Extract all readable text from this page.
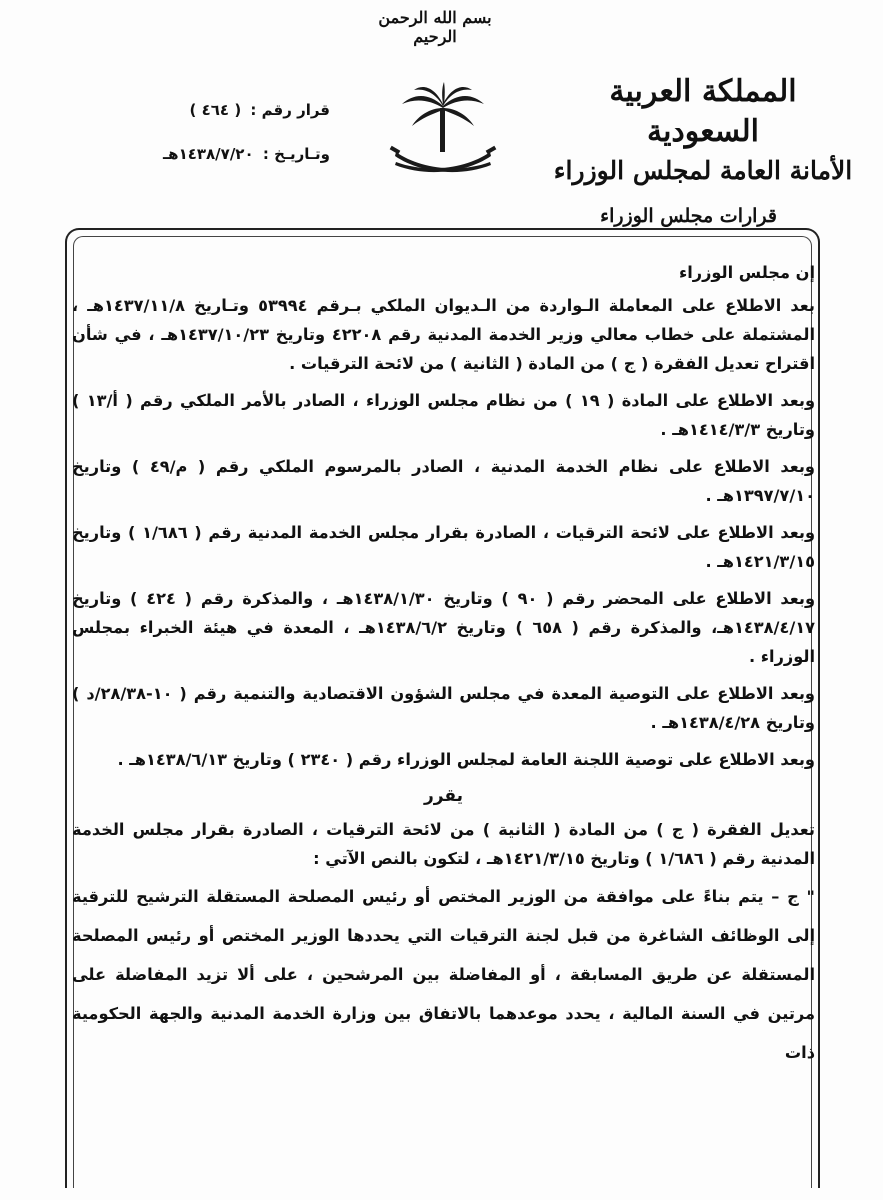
بسم الله الرحمن الرحيم
المملكة العربية السعودية
الأمانة العامة لمجلس الوزراء
قرار رقم : ( ٤٦٤ )
وتـاريـخ : ١٤٣٨/٧/٢٠هـ
قرارات مجلس الوزراء

إن مجلس الوزراء

بعد الاطلاع على المعاملة الـواردة من الـديوان الملكي بـرقم ٥٣٩٩٤ وتـاريخ ١٤٣٧/١١/٨هـ ، المشتملة على خطاب معالي وزير الخدمة المدنية رقم ٤٢٢٠٨ وتاريخ ١٤٣٧/١٠/٢٣هـ ، في شأن اقتراح تعديل الفقرة ( ج ) من المادة ( الثانية ) من لائحة الترقيات .

وبعد الاطلاع على المادة ( ١٩ ) من نظام مجلس الوزراء ، الصادر بالأمر الملكي رقم ( أ/١٣ ) وتاريخ ١٤١٤/٣/٣هـ .

وبعد الاطلاع على نظام الخدمة المدنية ، الصادر بالمرسوم الملكي رقم ( م/٤٩ ) وتاريخ ١٣٩٧/٧/١٠هـ .

وبعد الاطلاع على لائحة الترقيات ، الصادرة بقرار مجلس الخدمة المدنية رقم ( ١/٦٨٦ ) وتاريخ ١٤٢١/٣/١٥هـ .

وبعد الاطلاع على المحضر رقم ( ٩٠ ) وتاريخ ١٤٣٨/١/٣٠هـ ، والمذكرة رقم ( ٤٢٤ ) وتاريخ ١٤٣٨/٤/١٧هـ، والمذكرة رقم ( ٦٥٨ ) وتاريخ ١٤٣٨/٦/٢هـ ، المعدة في هيئة الخبراء بمجلس الوزراء .

وبعد الاطلاع على التوصية المعدة في مجلس الشؤون الاقتصادية والتنمية رقم ( ١٠-٢٨/٣٨/د ) وتاريخ ١٤٣٨/٤/٢٨هـ .

وبعد الاطلاع على توصية اللجنة العامة لمجلس الوزراء رقم ( ٢٣٤٠ ) وتاريخ ١٤٣٨/٦/١٣هـ .

يقرر

تعديل الفقرة ( ج ) من المادة ( الثانية ) من لائحة الترقيات ، الصادرة بقرار مجلس الخدمة المدنية رقم ( ١/٦٨٦ ) وتاريخ ١٤٢١/٣/١٥هـ ، لتكون بالنص الآتي :

" ج – يتم بناءً على موافقة من الوزير المختص أو رئيس المصلحة المستقلة الترشيح للترقية إلى الوظائف الشاغرة من قبل لجنة الترقيات التي يحددها الوزير المختص أو رئيس المصلحة المستقلة عن طريق المسابقة ، أو المفاضلة بين المرشحين ، على ألا تزيد المفاضلة على مرتين في السنة المالية ، يحدد موعدهما بالاتفاق بين وزارة الخدمة المدنية والجهة الحكومية ذات
